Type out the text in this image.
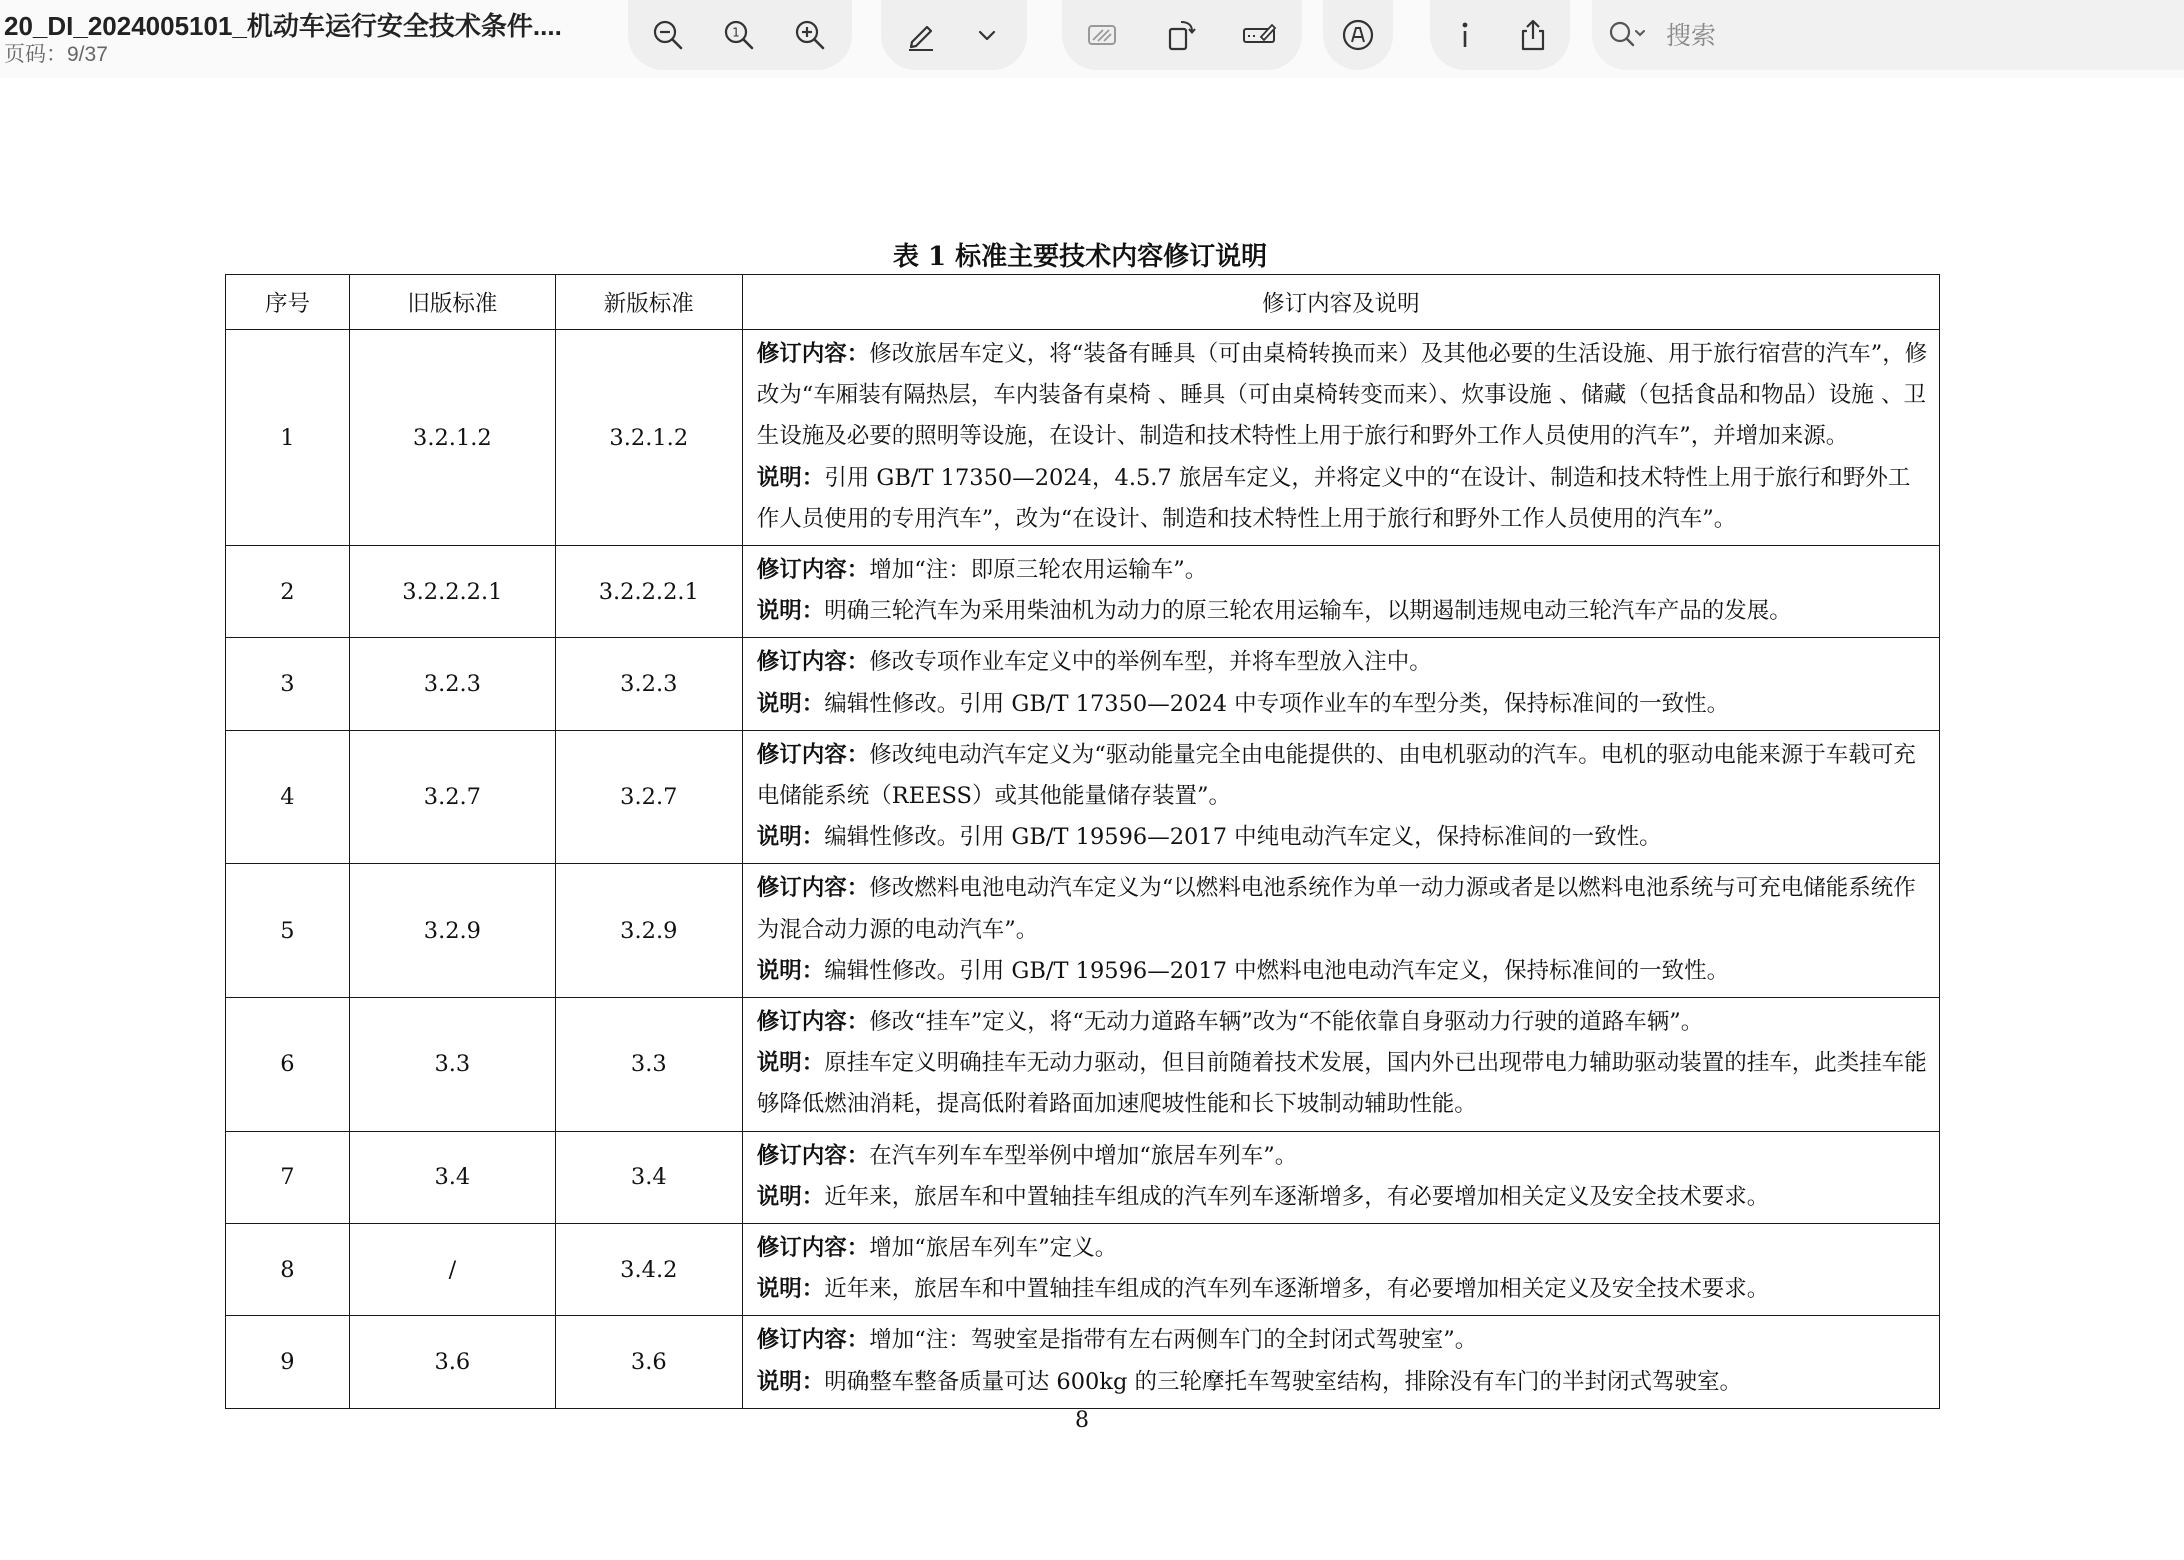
20_DI_2024005101_机动车运行安全技术条件....
页码：9/37
1
搜索
表 1 标准主要技术内容修订说明
序号	旧版标准	新版标准	修订内容及说明
1	3.2.1.2	3.2.1.2	修订内容：修改旅居车定义，将“装备有睡具（可由桌椅转换而来）及其他必要的生活设施、用于旅行宿营的汽车”，修改为“车厢装有隔热层，车内装备有桌椅 、睡具（可由桌椅转变而来）、炊事设施 、储藏（包括食品和物品）设施 、卫生设施及必要的照明等设施，在设计、制造和技术特性上用于旅行和野外工作人员使用的汽车”，并增加来源。
说明：引用 GB/T 17350—2024，4.5.7 旅居车定义，并将定义中的“在设计、制造和技术特性上用于旅行和野外工作人员使用的专用汽车”，改为“在设计、制造和技术特性上用于旅行和野外工作人员使用的汽车”。

2	3.2.2.2.1	3.2.2.2.1	修订内容：增加“注：即原三轮农用运输车”。
说明：明确三轮汽车为采用柴油机为动力的原三轮农用运输车，以期遏制违规电动三轮汽车产品的发展。

3	3.2.3	3.2.3	修订内容：修改专项作业车定义中的举例车型，并将车型放入注中。
说明：编辑性修改。引用 GB/T 17350—2024 中专项作业车的车型分类，保持标准间的一致性。

4	3.2.7	3.2.7	修订内容：修改纯电动汽车定义为“驱动能量完全由电能提供的、由电机驱动的汽车。电机的驱动电能来源于车载可充电储能系统（REESS）或其他能量储存装置”。
说明：编辑性修改。引用 GB/T 19596—2017 中纯电动汽车定义，保持标准间的一致性。

5	3.2.9	3.2.9	修订内容：修改燃料电池电动汽车定义为“以燃料电池系统作为单一动力源或者是以燃料电池系统与可充电储能系统作为混合动力源的电动汽车”。
说明：编辑性修改。引用 GB/T 19596—2017 中燃料电池电动汽车定义，保持标准间的一致性。

6	3.3	3.3	修订内容：修改“挂车”定义，将“无动力道路车辆”改为“不能依靠自身驱动力行驶的道路车辆”。
说明：原挂车定义明确挂车无动力驱动，但目前随着技术发展，国内外已出现带电力辅助驱动装置的挂车，此类挂车能够降低燃油消耗，提高低附着路面加速爬坡性能和长下坡制动辅助性能。

7	3.4	3.4	修订内容：在汽车列车车型举例中增加“旅居车列车”。
说明：近年来，旅居车和中置轴挂车组成的汽车列车逐渐增多，有必要增加相关定义及安全技术要求。

8	/	3.4.2	修订内容：增加“旅居车列车”定义。
说明：近年来，旅居车和中置轴挂车组成的汽车列车逐渐增多，有必要增加相关定义及安全技术要求。

9	3.6	3.6	修订内容：增加“注：驾驶室是指带有左右两侧车门的全封闭式驾驶室”。
说明：明确整车整备质量可达 600kg 的三轮摩托车驾驶室结构，排除没有车门的半封闭式驾驶室。
8
